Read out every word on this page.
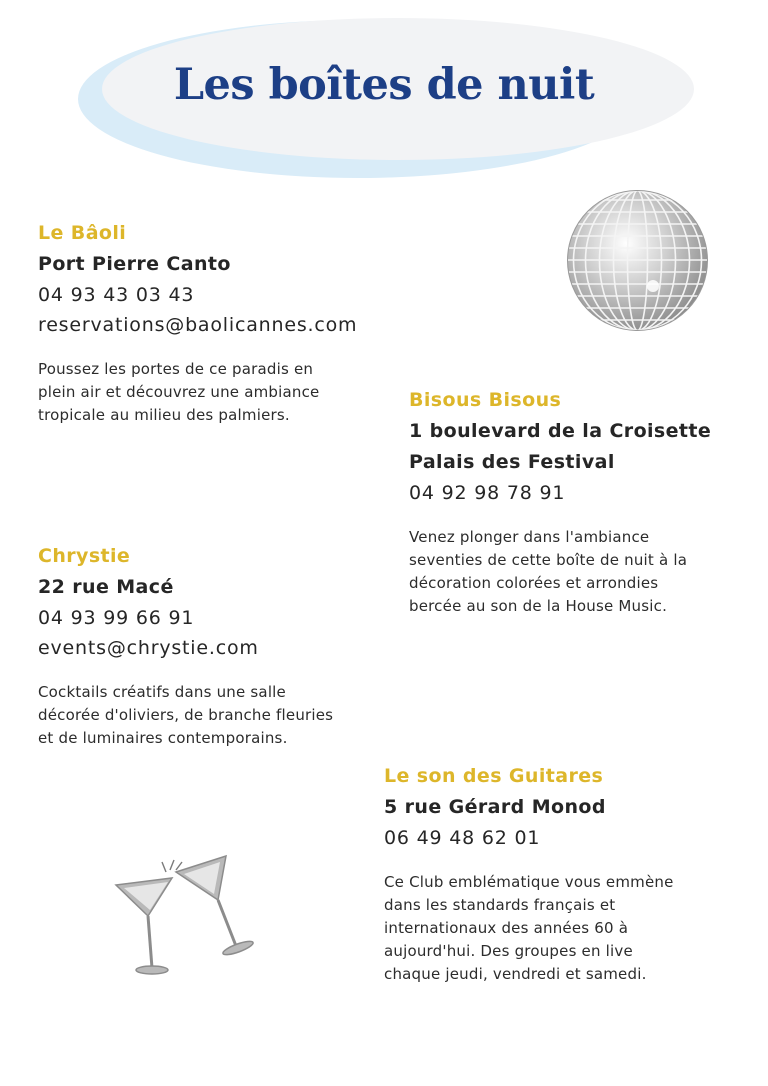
Les boîtes de nuit
Le Bâoli
Port Pierre Canto
04 93 43 03 43
reservations@baolicannes.com
Poussez les portes de ce paradis en
plein air et découvrez une ambiance
tropicale au milieu des palmiers.
Bisous Bisous
1 boulevard de la Croisette
Palais des Festival
04 92 98 78 91
Venez plonger dans l'ambiance
seventies de cette boîte de nuit à la
décoration colorées et arrondies
bercée au son de la House Music.
Chrystie
22 rue Macé
04 93 99 66 91
events@chrystie.com
Cocktails créatifs dans une salle
décorée d'oliviers, de branche fleuries
et de luminaires contemporains.
Le son des Guitares
5 rue Gérard Monod
06 49 48 62 01
Ce Club emblématique vous emmène
dans les standards français et
internationaux des années 60 à
aujourd'hui. Des groupes en live
chaque jeudi, vendredi et samedi.
